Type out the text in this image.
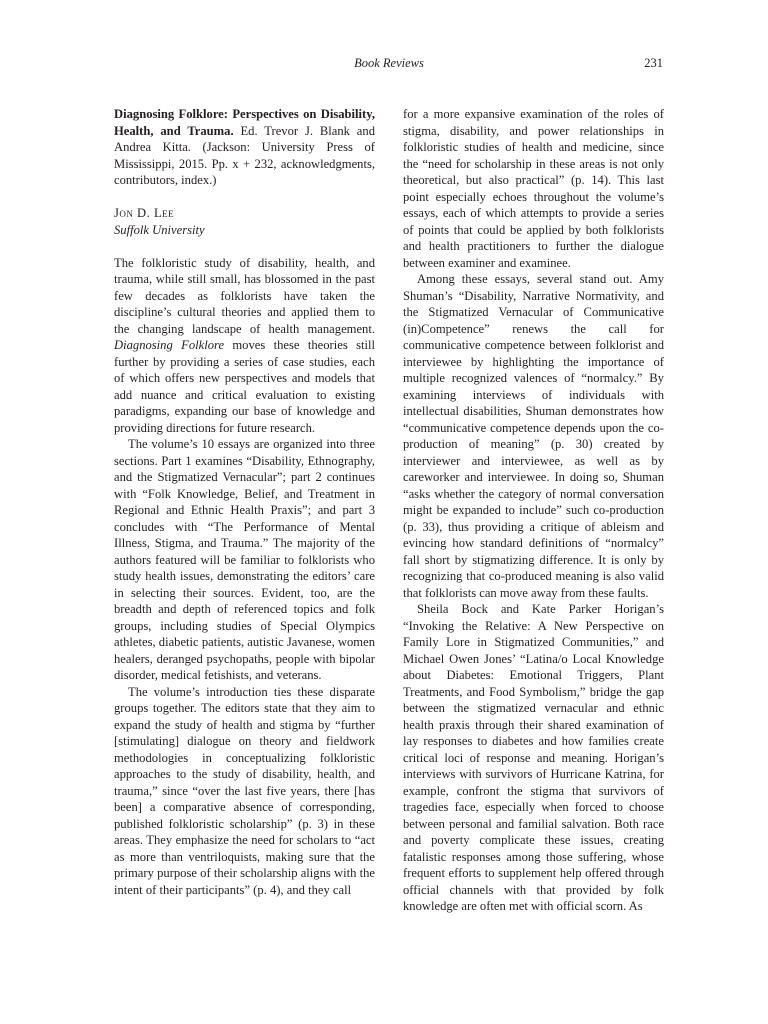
Book Reviews	231

Diagnosing Folklore: Perspectives on Disability, Health, and Trauma. Ed. Trevor J. Blank and Andrea Kitta. (Jackson: University Press of Mississippi, 2015. Pp. x + 232, acknowledgments, contributors, index.)

Jon D. Lee

Suffolk University

The folkloristic study of disability, health, and trauma, while still small, has blossomed in the past few decades as folklorists have taken the discipline’s cultural theories and applied them to the changing landscape of health management. Diagnosing Folklore moves these theories still further by providing a series of case studies, each of which offers new perspectives and models that add nuance and critical evaluation to existing paradigms, expanding our base of knowledge and providing directions for future research.

The volume’s 10 essays are organized into three sections. Part 1 examines “Disability, Ethnography, and the Stigmatized Vernacular”; part 2 continues with “Folk Knowledge, Belief, and Treatment in Regional and Ethnic Health Praxis”; and part 3 concludes with “The Performance of Mental Illness, Stigma, and Trauma.” The majority of the authors featured will be familiar to folklorists who study health issues, demonstrating the editors’ care in selecting their sources. Evident, too, are the breadth and depth of referenced topics and folk groups, including studies of Special Olympics athletes, diabetic patients, autistic Javanese, women healers, deranged psychopaths, people with bipolar disorder, medical fetishists, and veterans.

The volume’s introduction ties these disparate groups together. The editors state that they aim to expand the study of health and stigma by “further [stimulating] dialogue on theory and fieldwork methodologies in conceptualizing folkloristic approaches to the study of disability, health, and trauma,” since “over the last five years, there [has been] a comparative absence of corresponding, published folkloristic scholarship” (p. 3) in these areas. They emphasize the need for scholars to “act as more than ventriloquists, making sure that the primary purpose of their scholarship aligns with the intent of their participants” (p. 4), and they call

for a more expansive examination of the roles of stigma, disability, and power relationships in folkloristic studies of health and medicine, since the “need for scholarship in these areas is not only theoretical, but also practical” (p. 14). This last point especially echoes throughout the volume’s essays, each of which attempts to provide a series of points that could be applied by both folklorists and health practitioners to further the dialogue between examiner and examinee.

Among these essays, several stand out. Amy Shuman’s “Disability, Narrative Normativity, and the Stigmatized Vernacular of Communicative (in)Competence” renews the call for communicative competence between folklorist and interviewee by highlighting the importance of multiple recognized valences of “normalcy.” By examining interviews of individuals with intellectual disabilities, Shuman demonstrates how “communicative competence depends upon the co-production of meaning” (p. 30) created by interviewer and interviewee, as well as by careworker and interviewee. In doing so, Shuman “asks whether the category of normal conversation might be expanded to include” such co-production (p. 33), thus providing a critique of ableism and evincing how standard definitions of “normalcy” fall short by stigmatizing difference. It is only by recognizing that co-produced meaning is also valid that folklorists can move away from these faults.

Sheila Bock and Kate Parker Horigan’s “Invoking the Relative: A New Perspective on Family Lore in Stigmatized Communities,” and Michael Owen Jones’ “Latina/o Local Knowledge about Diabetes: Emotional Triggers, Plant Treatments, and Food Symbolism,” bridge the gap between the stigmatized vernacular and ethnic health praxis through their shared examination of lay responses to diabetes and how families create critical loci of response and meaning. Horigan’s interviews with survivors of Hurricane Katrina, for example, confront the stigma that survivors of tragedies face, especially when forced to choose between personal and familial salvation. Both race and poverty complicate these issues, creating fatalistic responses among those suffering, whose frequent efforts to supplement help offered through official channels with that provided by folk knowledge are often met with official scorn. As
